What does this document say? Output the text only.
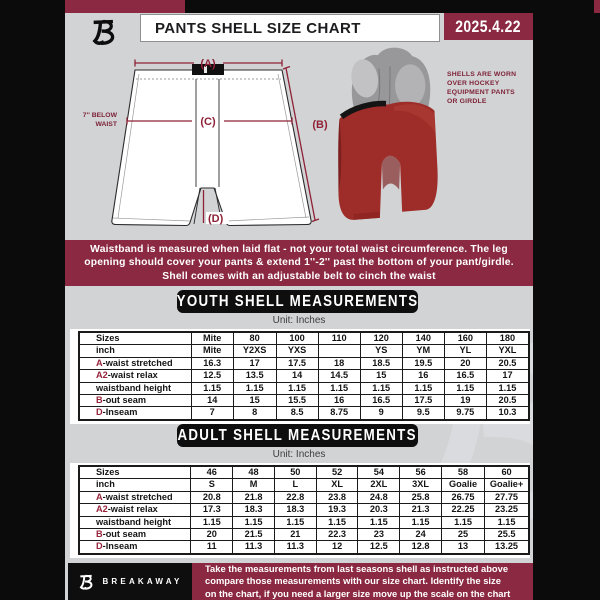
PANTS SHELL SIZE CHART	2025.4.22
(A)
(B)
(C)
(D)
7'' BELOW
WAIST
SHELLS ARE WORN
OVER HOCKEY
EQUIPMENT PANTS
OR GIRDLE
Waistband is measured when laid flat - not your total waist circumference. The leg
opening should cover your pants & extend 1''-2'' past the bottom of your pant/girdle.
Shell comes with an adjustable belt to cinch the waist
YOUTH SHELL MEASUREMENTS
Unit: Inches
Sizes	Mite	80	100	110	120	140	160	180
inch	Mite	Y2XS	YXS		YS	YM	YL	YXL
A-waist stretched	16.3	17	17.5	18	18.5	19.5	20	20.5
A2-waist relax	12.5	13.5	14	14.5	15	16	16.5	17
waistband height	1.15	1.15	1.15	1.15	1.15	1.15	1.15	1.15
B-out seam	14	15	15.5	16	16.5	17.5	19	20.5
D-Inseam	7	8	8.5	8.75	9	9.5	9.75	10.3
ADULT SHELL MEASUREMENTS
Unit: Inches
Sizes	46	48	50	52	54	56	58	60
inch	S	M	L	XL	2XL	3XL	Goalie	Goalie+
A-waist stretched	20.8	21.8	22.8	23.8	24.8	25.8	26.75	27.75
A2-waist relax	17.3	18.3	18.3	19.3	20.3	21.3	22.25	23.25
waistband height	1.15	1.15	1.15	1.15	1.15	1.15	1.15	1.15
B-out seam	20	21.5	21	22.3	23	24	25	25.5
D-Inseam	11	11.3	11.3	12	12.5	12.8	13	13.25
BREAKAWAY
Take the measurements from last seasons shell as instructed above
compare those measurements with our size chart. Identify the size
on the chart, if you need a larger size move up the scale on the chart
